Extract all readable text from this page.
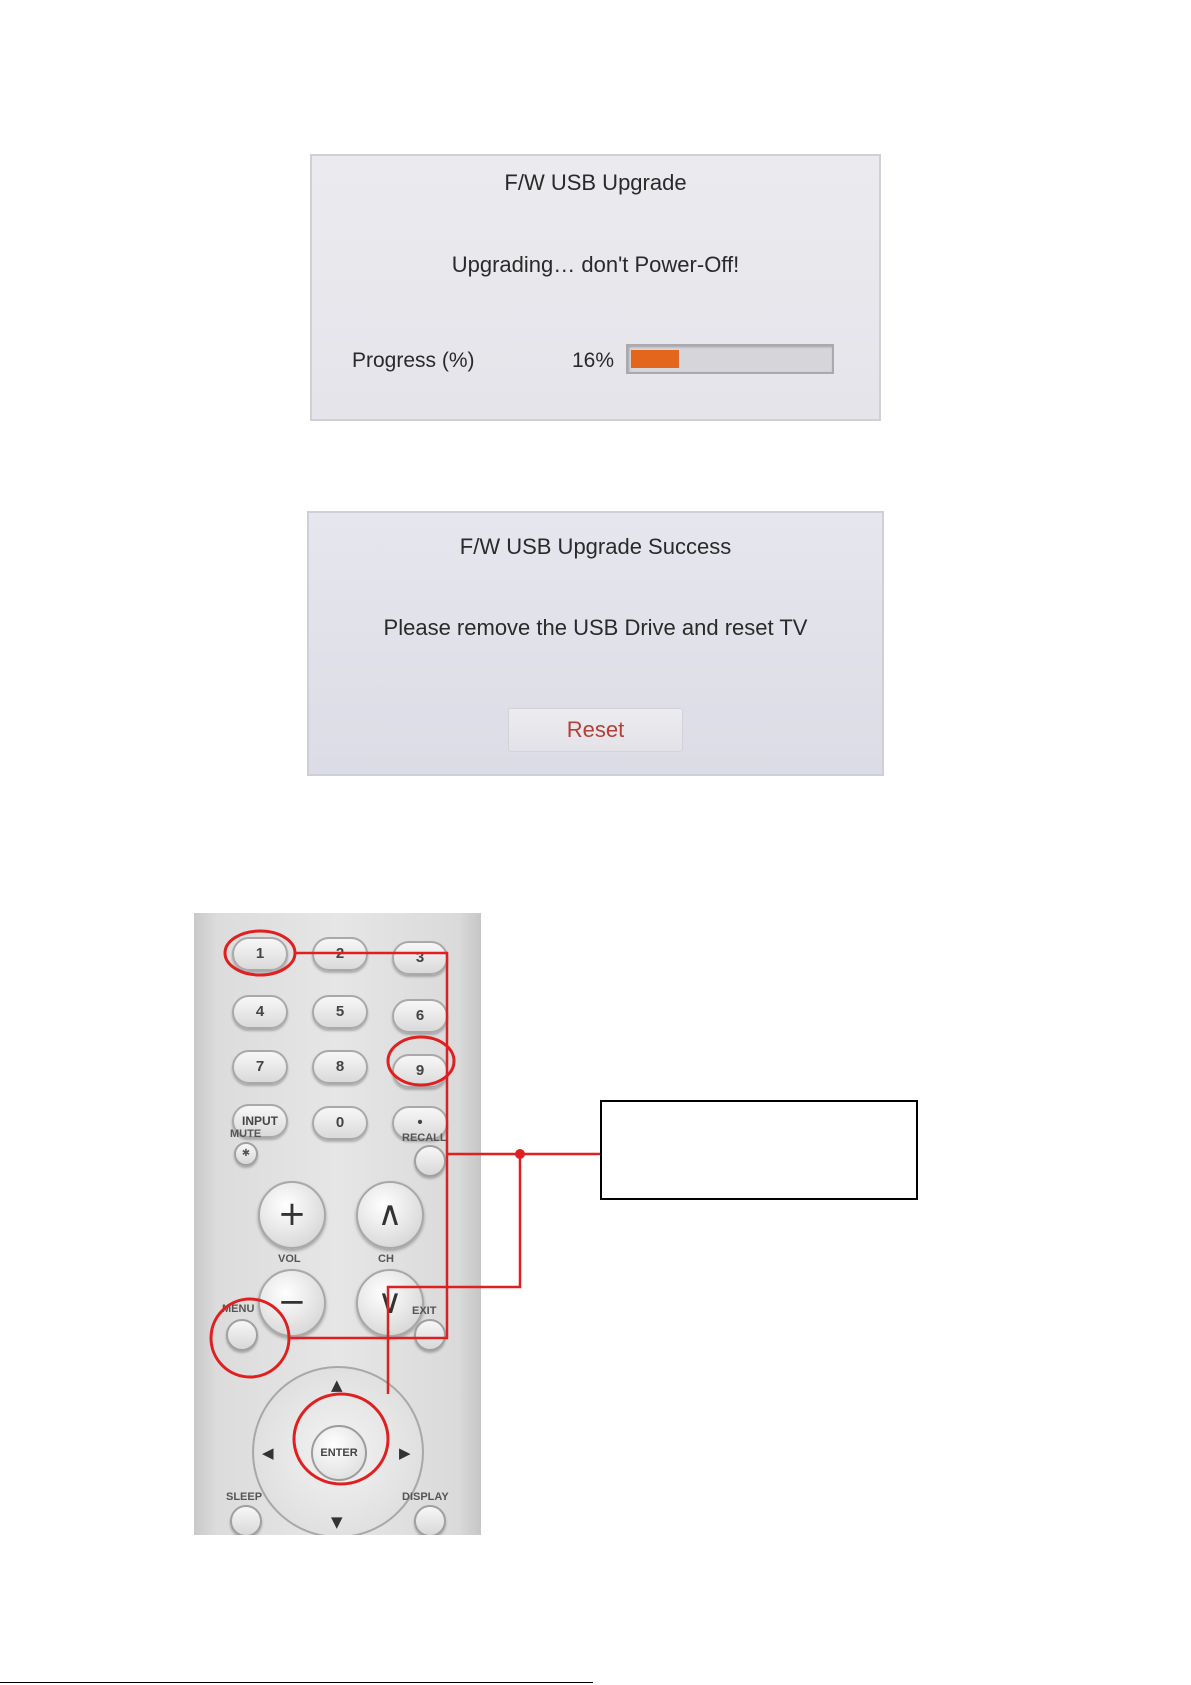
F/W USB Upgrade
Upgrading… don't Power-Off!
Progress (%)	16%
F/W USB Upgrade Success
Please remove the USB Drive and reset TV
Reset
1	2	3
4	5	6
7	8	9
INPUT	0	•
MUTE
✱
RECALL
+	∧
VOL	CH
−	∨
MENU	EXIT
▲
▼
◀	▶
ENTER
SLEEP	DISPLAY
